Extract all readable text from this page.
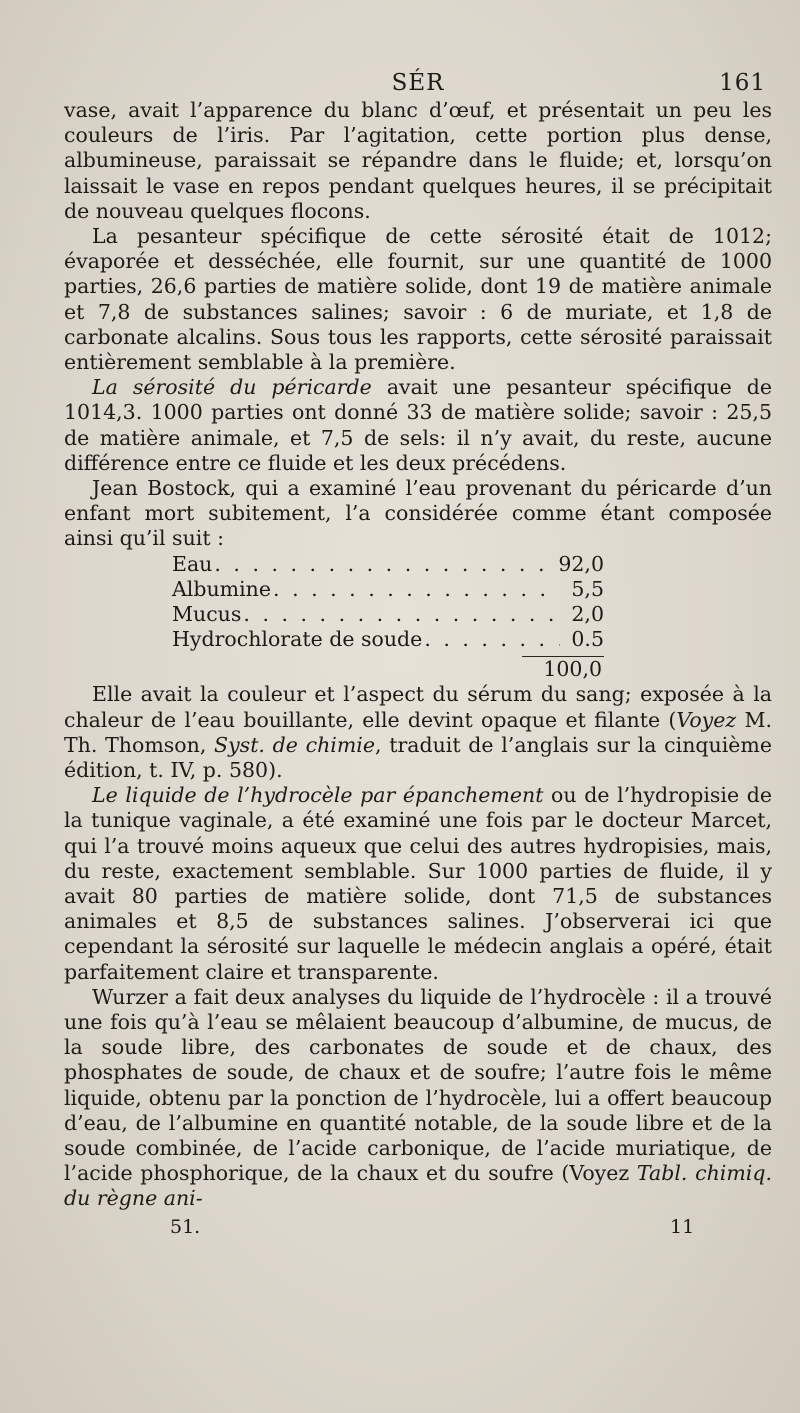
SÉR	161

vase, avait l’apparence du blanc d’œuf, et présentait un peu les couleurs de l’iris. Par l’agitation, cette portion plus dense, albumineuse, paraissait se répandre dans le fluide; et, lorsqu’on laissait le vase en repos pendant quelques heures, il se précipitait de nouveau quelques flocons.

La pesanteur spécifique de cette sérosité était de 1012; évaporée et desséchée, elle fournit, sur une quantité de 1000 parties, 26,6 parties de matière solide, dont 19 de matière animale et 7,8 de substances salines; savoir : 6 de muriate, et 1,8 de carbonate alcalins. Sous tous les rapports, cette sérosité paraissait entièrement semblable à la première.

La sérosité du péricarde avait une pesanteur spécifique de 1014,3. 1000 parties ont donné 33 de matière solide; savoir : 25,5 de matière animale, et 7,5 de sels: il n’y avait, du reste, aucune différence entre ce fluide et les deux précédens.

Jean Bostock, qui a examiné l’eau provenant du péricarde d’un enfant mort subitement, l’a considérée comme étant composée ainsi qu’il suit :

Eau . . .	92,0
Albumine . . .	5,5
Mucus . . .	2,0
Hydrochlorate de soude . . .	0.5
100,0

Elle avait la couleur et l’aspect du sérum du sang; exposée à la chaleur de l’eau bouillante, elle devint opaque et filante (Voyez M. Th. Thomson, Syst. de chimie, traduit de l’anglais sur la cinquième édition, t. IV, p. 580).

Le liquide de l’hydrocèle par épanchement ou de l’hydropisie de la tunique vaginale, a été examiné une fois par le docteur Marcet, qui l’a trouvé moins aqueux que celui des autres hydropisies, mais, du reste, exactement semblable. Sur 1000 parties de fluide, il y avait 80 parties de matière solide, dont 71,5 de substances animales et 8,5 de substances salines. J’observerai ici que cependant la sérosité sur laquelle le médecin anglais a opéré, était parfaitement claire et transparente.

Wurzer a fait deux analyses du liquide de l’hydrocèle : il a trouvé une fois qu’à l’eau se mêlaient beaucoup d’albumine, de mucus, de la soude libre, des carbonates de soude et de chaux, des phosphates de soude, de chaux et de soufre; l’autre fois le même liquide, obtenu par la ponction de l’hydrocèle, lui a offert beaucoup d’eau, de l’albumine en quantité notable, de la soude libre et de la soude combinée, de l’acide carbonique, de l’acide muriatique, de l’acide phosphorique, de la chaux et du soufre (Voyez Tabl. chimiq. du règne ani-

51.	11
